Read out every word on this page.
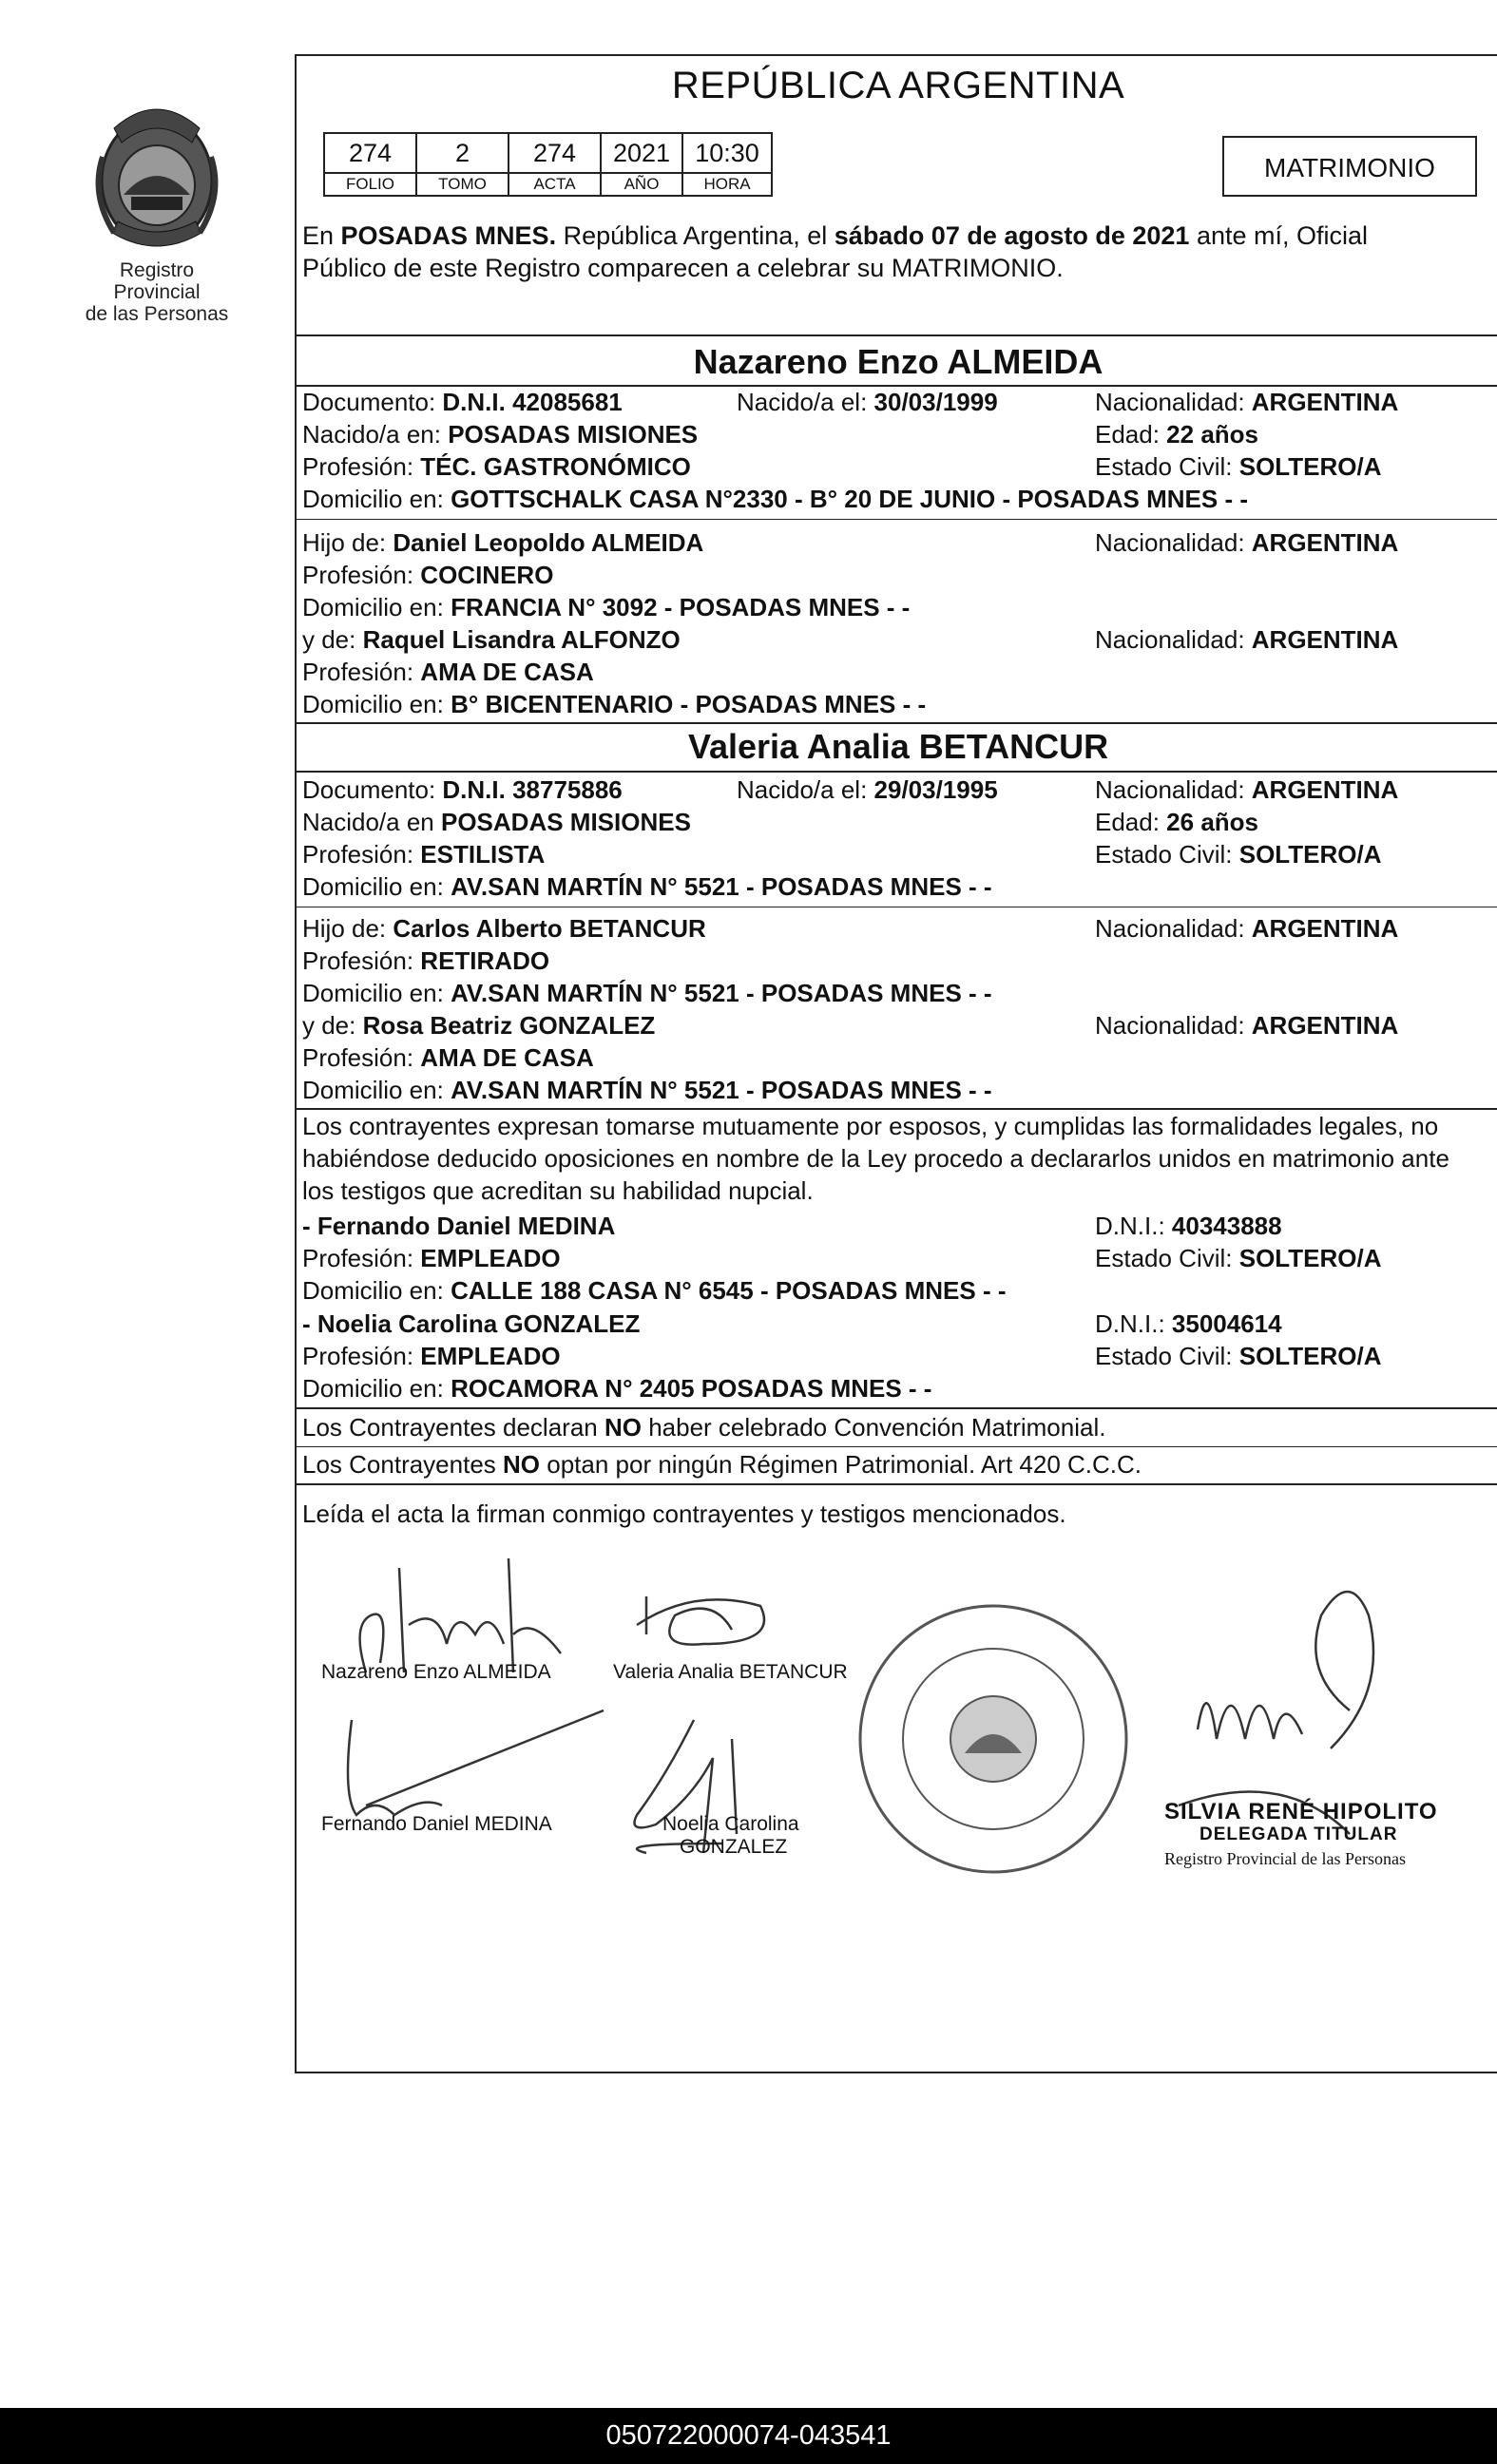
Registro Provincial
de las Personas
REPÚBLICA ARGENTINA
274	2	274	2021	10:30
FOLIO	TOMO	ACTA	AÑO	HORA
MATRIMONIO
En POSADAS MNES. República Argentina, el sábado 07 de agosto de 2021 ante mí, Oficial
Público de este Registro comparecen a celebrar su MATRIMONIO.
Nazareno Enzo ALMEIDA
Documento: D.N.I. 42085681	Nacido/a el: 30/03/1999	Nacionalidad: ARGENTINA
Nacido/a en: POSADAS MISIONES	Edad: 22 años
Profesión: TÉC. GASTRONÓMICO	Estado Civil: SOLTERO/A
Domicilio en: GOTTSCHALK CASA N°2330 - B° 20 DE JUNIO - POSADAS MNES - -
Hijo de: Daniel Leopoldo ALMEIDA	Nacionalidad: ARGENTINA
Profesión: COCINERO
Domicilio en: FRANCIA N° 3092 - POSADAS MNES - -
y de: Raquel Lisandra ALFONZO	Nacionalidad: ARGENTINA
Profesión: AMA DE CASA
Domicilio en: B° BICENTENARIO - POSADAS MNES - -
Valeria Analia BETANCUR
Documento: D.N.I. 38775886	Nacido/a el: 29/03/1995	Nacionalidad: ARGENTINA
Nacido/a en POSADAS MISIONES	Edad: 26 años
Profesión: ESTILISTA	Estado Civil: SOLTERO/A
Domicilio en: AV.SAN MARTÍN N° 5521 - POSADAS MNES - -
Hijo de: Carlos Alberto BETANCUR	Nacionalidad: ARGENTINA
Profesión: RETIRADO
Domicilio en: AV.SAN MARTÍN N° 5521 - POSADAS MNES - -
y de: Rosa Beatriz GONZALEZ	Nacionalidad: ARGENTINA
Profesión: AMA DE CASA
Domicilio en: AV.SAN MARTÍN N° 5521 - POSADAS MNES - -
Los contrayentes expresan tomarse mutuamente por esposos, y cumplidas las formalidades legales, no
habiéndose deducido oposiciones en nombre de la Ley procedo a declararlos unidos en matrimonio ante
los testigos que acreditan su habilidad nupcial.
- Fernando Daniel MEDINA	D.N.I.: 40343888
Profesión: EMPLEADO	Estado Civil: SOLTERO/A
Domicilio en: CALLE 188 CASA N° 6545 - POSADAS MNES - -
- Noelia Carolina GONZALEZ	D.N.I.: 35004614
Profesión: EMPLEADO	Estado Civil: SOLTERO/A
Domicilio en: ROCAMORA N° 2405 POSADAS MNES - -
Los Contrayentes declaran NO haber celebrado Convención Matrimonial.
Los Contrayentes NO optan por ningún Régimen Patrimonial. Art 420 C.C.C.
Leída el acta la firman conmigo contrayentes y testigos mencionados.
Nazareno Enzo ALMEIDA	Valeria Analia BETANCUR
Fernando Daniel MEDINA	Noelia Carolina
GONZALEZ
SILVIA RENÉ HIPOLITO
DELEGADA TITULAR
Registro Provincial de las Personas
050722000074-043541
